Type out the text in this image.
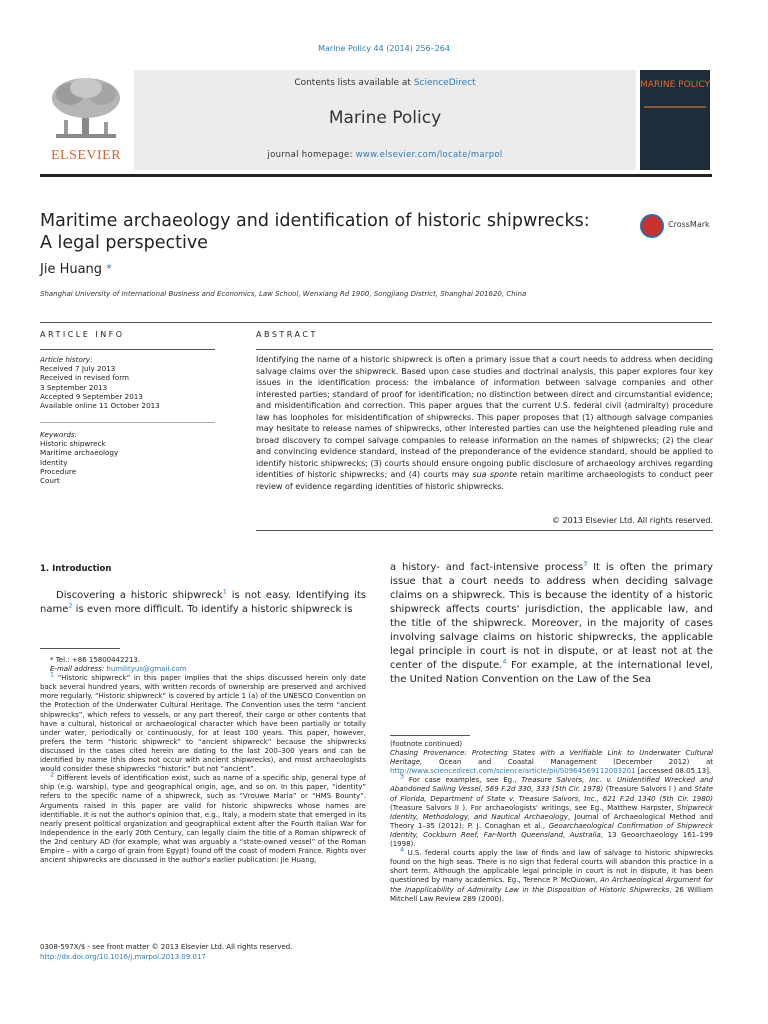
Marine Policy 44 (2014) 256–264
ELSEVIER
Contents lists available at ScienceDirect
Marine Policy
journal homepage: www.elsevier.com/locate/marpol
MARINE POLICY
Maritime archaeology and identification of historic shipwrecks:
A legal perspective
CrossMark
Jie Huang *
Shanghai University of International Business and Economics, Law School, Wenxiang Rd 1900, Songjiang District, Shanghai 201620, China
ARTICLE INFO	ABSTRACT
Article history:
Received 7 July 2013
Received in revised form
3 September 2013
Accepted 9 September 2013
Available online 11 October 2013
Keywords:
Historic shipwreck
Maritime archaeology
Identity
Procedure
Court
Identifying the name of a historic shipwreck is often a primary issue that a court needs to address when deciding salvage claims over the shipwreck. Based upon case studies and doctrinal analysis, this paper explores four key issues in the identification process: the imbalance of information between salvage companies and other interested parties; standard of proof for identification; no distinction between direct and circumstantial evidence; and misidentification and correction. This paper argues that the current U.S. federal civil (admiralty) procedure law has loopholes for misidentification of shipwrecks. This paper proposes that (1) although salvage companies may hesitate to release names of shipwrecks, other interested parties can use the heightened pleading rule and broad discovery to compel salvage companies to release information on the names of shipwrecks; (2) the clear and convincing evidence standard, instead of the preponderance of the evidence standard, should be applied to identify historic shipwrecks; (3) courts should ensure ongoing public disclosure of archaeology archives regarding identities of historic shipwrecks; and (4) courts may sua sponte retain maritime archaeologists to conduct peer review of evidence regarding identities of historic shipwrecks.
© 2013 Elsevier Ltd. All rights reserved.
1. Introduction
Discovering a historic shipwreck$^1$ is not easy. Identifying its name$^2$ is even more difficult. To identify a historic shipwreck is
a history- and fact-intensive process$^3$ It is often the primary issue that a court needs to address when deciding salvage claims on a shipwreck. This is because the identity of a historic shipwreck affects courts' jurisdiction, the applicable law, and the title of the shipwreck. Moreover, in the majority of cases involving salvage claims on historic shipwrecks, the applicable legal principle in court is not in dispute, or at least not at the center of the dispute.$^4$ For example, at the international level, the United Nation Convention on the Law of the Sea

* Tel.: +86 15800442213.

E-mail address: humilityus@gmail.com

$^1$ “Historic shipwreck” in this paper implies that the ships discussed herein only date back several hundred years, with written records of ownership are preserved and archived more regularly. “Historic shipwreck” is covered by article 1 (a) of the UNESCO Convention on the Protection of the Underwater Cultural Heritage. The Convention uses the term “ancient shipwrecks”, which refers to vessels, or any part thereof, their cargo or other contents that have a cultural, historical or archaeological character which have been partially or totally under water, periodically or continuously, for at least 100 years. This paper, however, prefers the term “historic shipwreck” to “ancient shipwreck” because the shipwrecks discussed in the cases cited herein are dating to the last 200–300 years and can be identified by name (this does not occur with ancient shipwrecks), and most archaeologists would consider these shipwrecks “historic” but not “ancient”.

$^2$ Different levels of identification exist, such as name of a specific ship, general type of ship (e.g. warship), type and geographical origin, age, and so on. In this paper, “identity” refers to the specific name of a shipwreck, such as “Vrouwe Maria” or “HMS Bounty”. Arguments raised in this paper are valid for historic shipwrecks whose names are identifiable. It is not the author's opinion that, e.g., Italy, a modern state that emerged in its nearly present political organization and geographical extent after the Fourth Italian War for Independence in the early 20th Century, can legally claim the title of a Roman shipwreck of the 2nd century AD (for example, what was arguably a “state-owned vessel” of the Roman Empire – with a cargo of grain from Egypt) found off the coast of modern France. Rights over ancient shipwrecks are discussed in the author's earlier publication: Jie Huang,

(footnote continued)

Chasing Provenance: Protecting States with a Verifiable Link to Underwater Cultural Heritage, Ocean and Coastal Management (December 2012) at http://www.sciencedirect.com/science/article/pii/S0964569112003201 [accessed 08.05.13].

$^3$ For case examples, see Eg., Treasure Salvors, Inc. v. Unidentified Wrecked and Abandoned Sailing Vessel, 569 F.2d 330, 333 (5th Cir. 1978) (Treasure Salvors I ) and State of Florida, Department of State v. Treasure Salvors, Inc., 621 F.2d 1340 (5th Cir. 1980) (Treasure Salvors II ). For archaeologists' writings, see Eg., Matthew Harpster, Shipwreck Identity, Methodology, and Nautical Archaeology, Journal of Archaeological Method and Theory 1–35 (2012); P. J. Conaghan et al., Geoarchaeological Confirmation of Shipwreck Identity, Cockburn Reef, Far-North Queensland, Australia, 13 Geoarchaeology 161–199 (1998).

$^4$ U.S. federal courts apply the law of finds and law of salvage to historic shipwrecks found on the high seas. There is no sign that federal courts will abandon this practice in a short term. Although the applicable legal principle in court is not in dispute, it has been questioned by many academics. Eg., Terence P. McQuown, An Archaeological Argument for the Inapplicability of Admiralty Law in the Disposition of Historic Shipwrecks, 26 William Mitchell Law Review 289 (2000).

0308-597X/$ - see front matter © 2013 Elsevier Ltd. All rights reserved.
http://dx.doi.org/10.1016/j.marpol.2013.09.017
